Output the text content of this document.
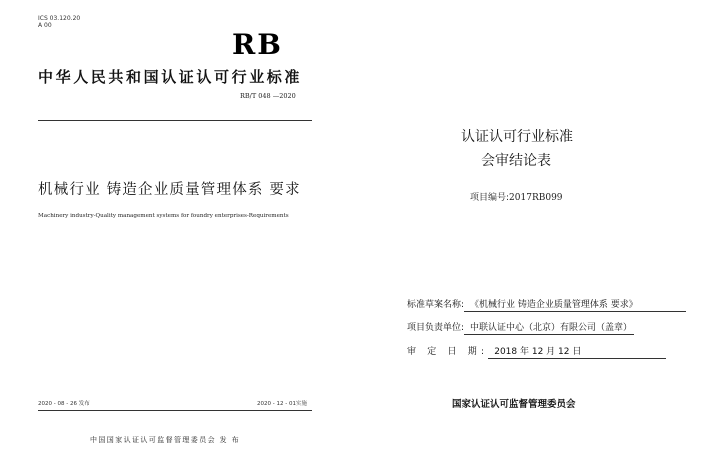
ICS 03.120.20
A 00
RB
中华人民共和国认证认可行业标准
RB/T 048 —2020
机械行业 铸造企业质量管理体系 要求
Machinery industry-Quality management systems for foundry enterprises-Requirements
2020 - 08 - 26 发布	2020 - 12 - 01实施
中国国家认证认可监督管理委员会 发 布
认证认可行业标准
会审结论表
项目编号:2017RB099
标准草案名称: 《机械行业 铸造企业质量管理体系 要求》
项目负责单位: 中联认证中心（北京）有限公司（盖章）
审 定 日 期: 2018 年 12 月 12 日
国家认证认可监督管理委员会
